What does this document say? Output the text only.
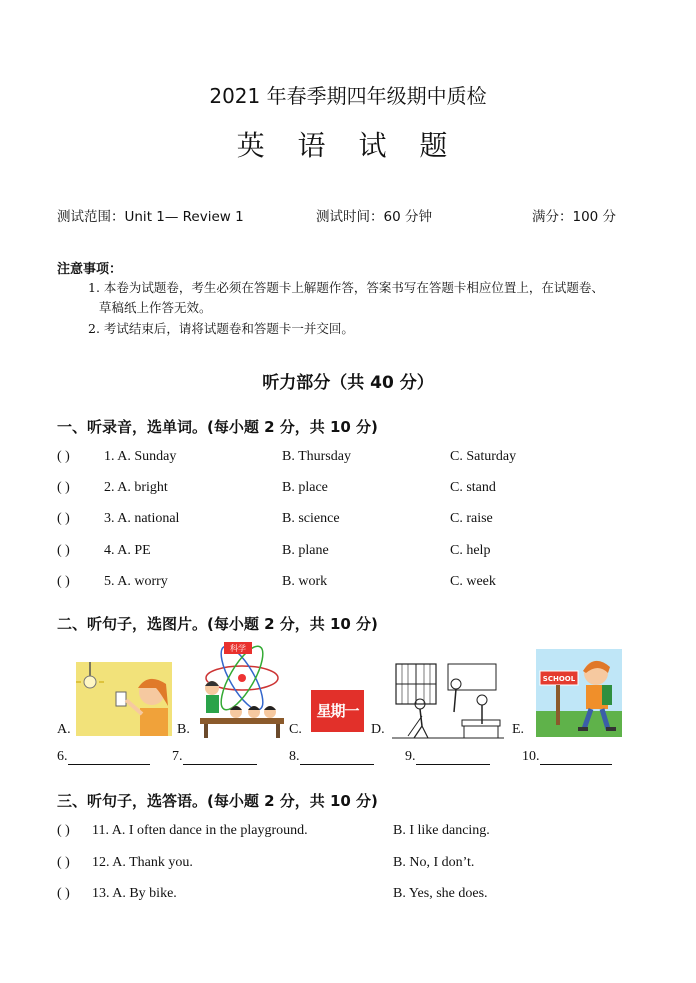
2021 年春季期四年级期中质检
英 语 试 题
测试范围：Unit 1— Review 1	测试时间：60 分钟	满分：100 分
注意事项：
1. 本卷为试题卷，考生必须在答题卡上解题作答，答案书写在答题卡相应位置上，在试题卷、
草稿纸上作答无效。
2. 考试结束后，请将试题卷和答题卡一并交回。
听力部分（共 40 分）
一、听录音，选单词。(每小题 2 分，共 10 分)
( ) 1. A. Sunday	B. Thursday	C. Saturday
( ) 2. A. bright	B. place	C. stand
( ) 3. A. national	B. science	C. raise
( ) 4. A. PE	B. plane	C. help
( ) 5. A. worry	B. work	C. week
二、听句子，选图片。(每小题 2 分，共 10 分)
A.	B.	C.	D.	E.
科学
星期一
SCHOOL
6.	7.	8.	9.	10.
三、听句子，选答语。(每小题 2 分，共 10 分)
( ) 11. A. I often dance in the playground.	B. I like dancing.
( ) 12. A. Thank you.	B. No, I don’t.
( ) 13. A. By bike.	B. Yes, she does.
